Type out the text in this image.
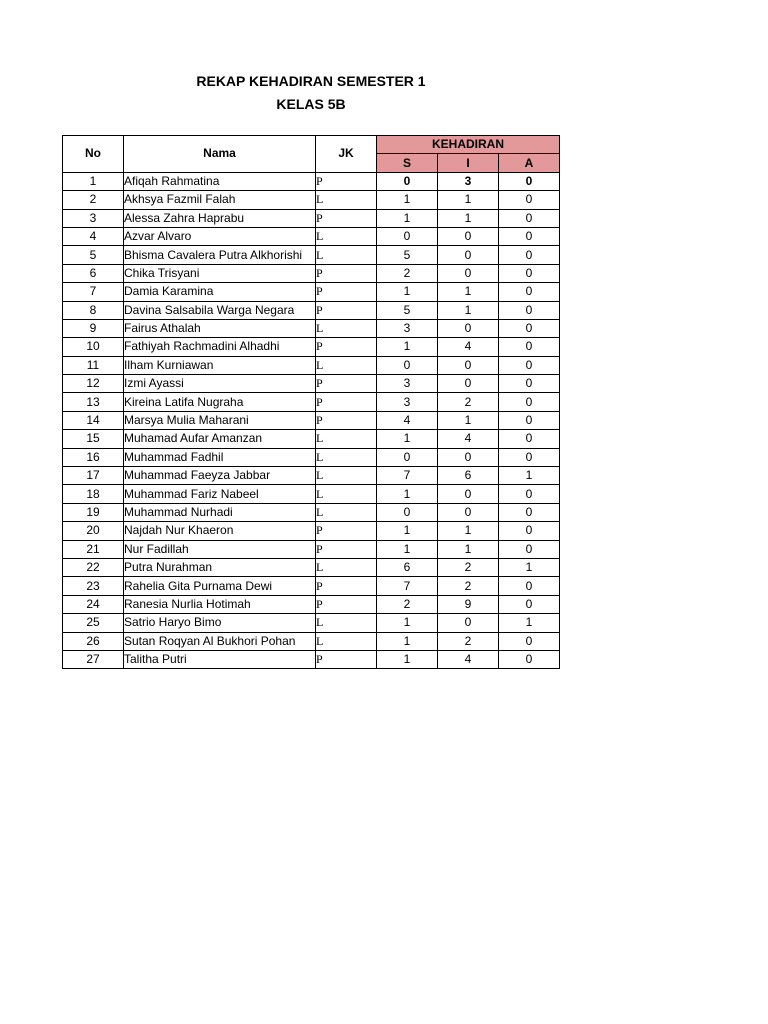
REKAP KEHADIRAN SEMESTER 1
KELAS 5B
No	Nama	JK	KEHADIRAN		
			S	I	A
1	Afiqah Rahmatina	P	0	3	0
2	Akhsya Fazmil Falah	L	1	1	0
3	Alessa Zahra Haprabu	P	1	1	0
4	Azvar Alvaro	L	0	0	0
5	Bhisma Cavalera Putra Alkhorishi	L	5	0	0
6	Chika Trisyani	P	2	0	0
7	Damia Karamina	P	1	1	0
8	Davina Salsabila Warga Negara	P	5	1	0
9	Fairus Athalah	L	3	0	0
10	Fathiyah Rachmadini Alhadhi	P	1	4	0
11	Ilham Kurniawan	L	0	0	0
12	Izmi Ayassi	P	3	0	0
13	Kireina Latifa Nugraha	P	3	2	0
14	Marsya Mulia Maharani	P	4	1	0
15	Muhamad Aufar Amanzan	L	1	4	0
16	Muhammad Fadhil	L	0	0	0
17	Muhammad Faeyza Jabbar	L	7	6	1
18	Muhammad Fariz Nabeel	L	1	0	0
19	Muhammad Nurhadi	L	0	0	0
20	Najdah Nur Khaeron	P	1	1	0
21	Nur Fadillah	P	1	1	0
22	Putra Nurahman	L	6	2	1
23	Rahelia Gita Purnama Dewi	P	7	2	0
24	Ranesia Nurlia Hotimah	P	2	9	0
25	Satrio Haryo Bimo	L	1	0	1
26	Sutan Roqyan Al Bukhori Pohan	L	1	2	0
27	Talitha Putri	P	1	4	0
